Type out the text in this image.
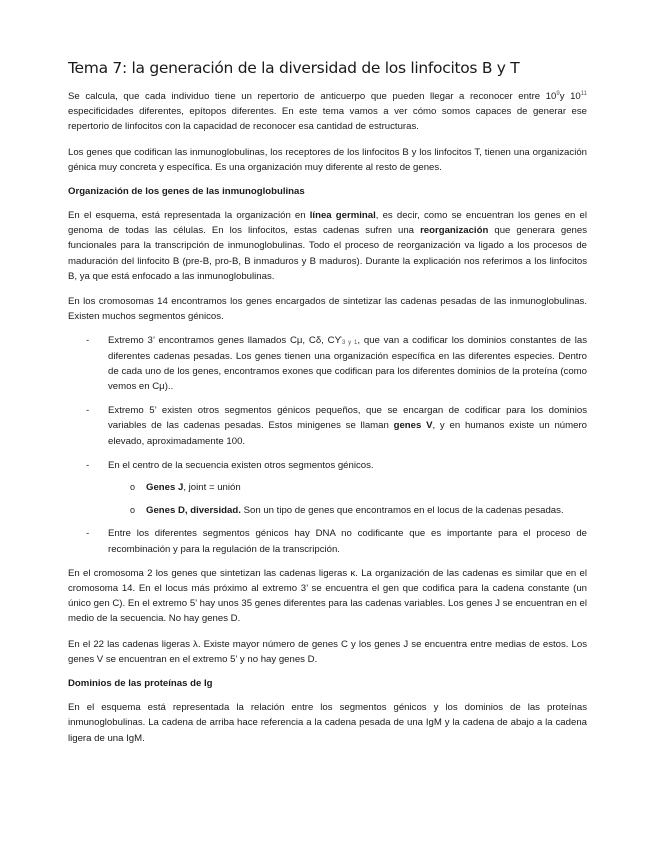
Tema 7: la generación de la diversidad de los linfocitos B y T

Se calcula, que cada individuo tiene un repertorio de anticuerpo que pueden llegar a reconocer entre $10^9y$ $10^{11}$ especificidades diferentes, epítopos diferentes. En este tema vamos a ver cómo somos capaces de generar ese repertorio de linfocitos con la capacidad de reconocer esa cantidad de estructuras.

Los genes que codifican las inmunoglobulinas, los receptores de los linfocitos B y los linfocitos T, tienen una organización génica muy concreta y específica. Es una organización muy diferente al resto de genes.

Organización de los genes de las inmunoglobulinas

En el esquema, está representada la organización en línea germinal, es decir, como se encuentran los genes en el genoma de todas las células. En los linfocitos, estas cadenas sufren una reorganización que generara genes funcionales para la transcripción de inmunoglobulinas. Todo el proceso de reorganización va ligado a los procesos de maduración del linfocito B (pre-B, pro-B, B inmaduros y B maduros). Durante la explicación nos referimos a los linfocitos B, ya que está enfocado a las inmunoglobulinas.

En los cromosomas 14 encontramos los genes encargados de sintetizar las cadenas pesadas de las inmunoglobulinas. Existen muchos segmentos génicos.

- Extremo 3’ encontramos genes llamados Cμ, Cδ, $CƳ_{3 y 1}$, que van a codificar los dominios constantes de las diferentes cadenas pesadas. Los genes tienen una organización específica en las diferentes especies. Dentro de cada uno de los genes, encontramos exones que codifican para los diferentes dominios de la proteína (como vemos en Cμ)..

- Extremo 5’ existen otros segmentos génicos pequeños, que se encargan de codificar para los dominios variables de las cadenas pesadas. Estos minigenes se llaman genes V, y en humanos existe un número elevado, aproximadamente 100.

- En el centro de la secuencia existen otros segmentos génicos.

o Genes J, joint = unión

o Genes D, diversidad. Son un tipo de genes que encontramos en el locus de la cadenas pesadas.

- Entre los diferentes segmentos génicos hay DNA no codificante que es importante para el proceso de recombinación y para la regulación de la transcripción.

En el cromosoma 2 los genes que sintetizan las cadenas ligeras κ. La organización de las cadenas es similar que en el cromosoma 14. En el locus más próximo al extremo 3’ se encuentra el gen que codifica para la cadena constante (un único gen C). En el extremo 5’ hay unos 35 genes diferentes para las cadenas variables. Los genes J se encuentran en el medio de la secuencia. No hay genes D.

En el 22 las cadenas ligeras λ. Existe mayor número de genes C y los genes J se encuentra entre medias de estos. Los genes V se encuentran en el extremo 5’ y no hay genes D.

Dominios de las proteínas de Ig

En el esquema está representada la relación entre los segmentos génicos y los dominios de las proteínas inmunoglobulinas. La cadena de arriba hace referencia a la cadena pesada de una IgM y la cadena de abajo a la cadena ligera de una IgM.
